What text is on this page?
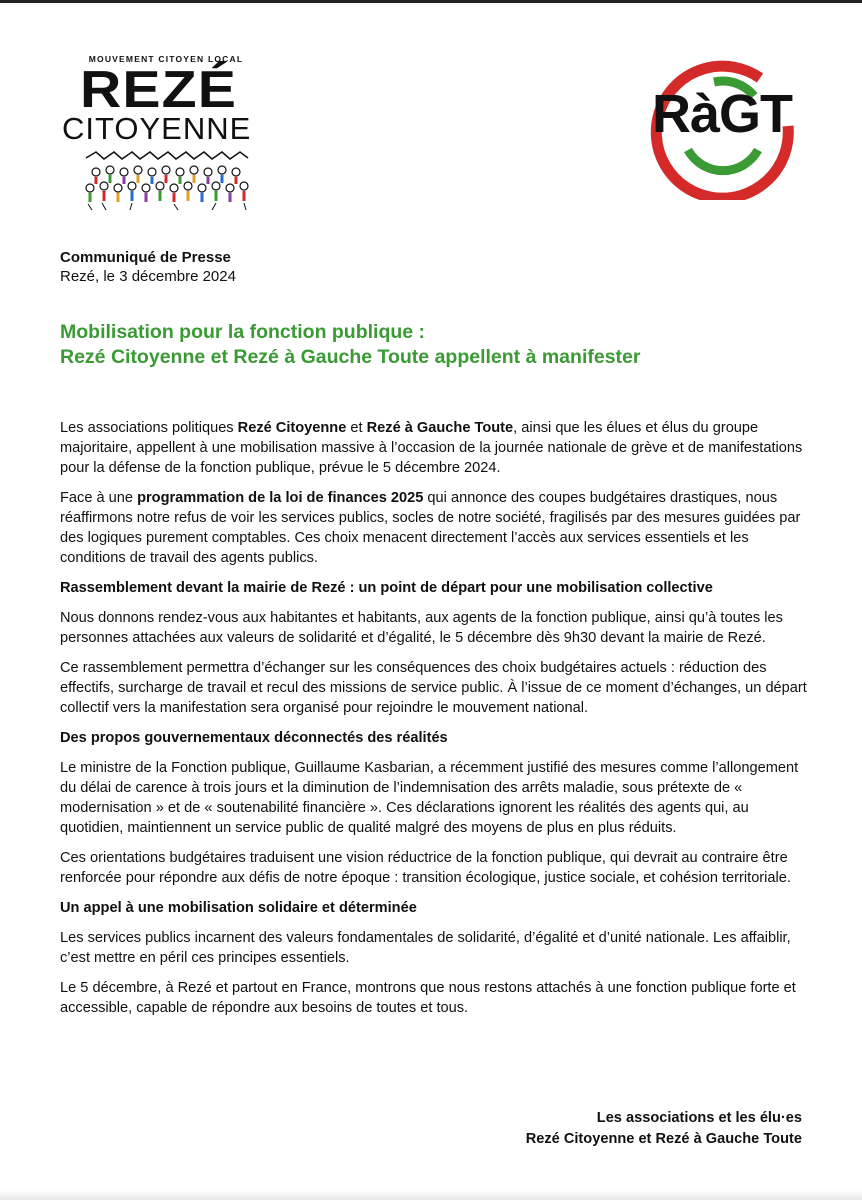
MOUVEMENT CITOYEN LOCAL
REZÉ
CITOYENNE	RàGT
Communiqué de Presse
Rezé, le 3 décembre 2024
Mobilisation pour la fonction publique :
Rezé Citoyenne et Rezé à Gauche Toute appellent à manifester

Les associations politiques Rezé Citoyenne et Rezé à Gauche Toute, ainsi que les élues et élus du groupe majoritaire, appellent à une mobilisation massive à l’occasion de la journée nationale de grève et de manifestations pour la défense de la fonction publique, prévue le 5 décembre 2024.

Face à une programmation de la loi de finances 2025 qui annonce des coupes budgétaires drastiques, nous réaffirmons notre refus de voir les services publics, socles de notre société, fragilisés par des mesures guidées par des logiques purement comptables. Ces choix menacent directement l’accès aux services essentiels et les conditions de travail des agents publics.

Rassemblement devant la mairie de Rezé : un point de départ pour une mobilisation collective

Nous donnons rendez-vous aux habitantes et habitants, aux agents de la fonction publique, ainsi qu’à toutes les personnes attachées aux valeurs de solidarité et d’égalité, le 5 décembre dès 9h30 devant la mairie de Rezé.

Ce rassemblement permettra d’échanger sur les conséquences des choix budgétaires actuels : réduction des effectifs, surcharge de travail et recul des missions de service public. À l’issue de ce moment d’échanges, un départ collectif vers la manifestation sera organisé pour rejoindre le mouvement national.

Des propos gouvernementaux déconnectés des réalités

Le ministre de la Fonction publique, Guillaume Kasbarian, a récemment justifié des mesures comme l’allongement du délai de carence à trois jours et la diminution de l’indemnisation des arrêts maladie, sous prétexte de « modernisation » et de « soutenabilité financière ». Ces déclarations ignorent les réalités des agents qui, au quotidien, maintiennent un service public de qualité malgré des moyens de plus en plus réduits.

Ces orientations budgétaires traduisent une vision réductrice de la fonction publique, qui devrait au contraire être renforcée pour répondre aux défis de notre époque : transition écologique, justice sociale, et cohésion territoriale.

Un appel à une mobilisation solidaire et déterminée

Les services publics incarnent des valeurs fondamentales de solidarité, d’égalité et d’unité nationale. Les affaiblir, c’est mettre en péril ces principes essentiels.

Le 5 décembre, à Rezé et partout en France, montrons que nous restons attachés à une fonction publique forte et accessible, capable de répondre aux besoins de toutes et tous.

Les associations et les élu·es
Rezé Citoyenne et Rezé à Gauche Toute
